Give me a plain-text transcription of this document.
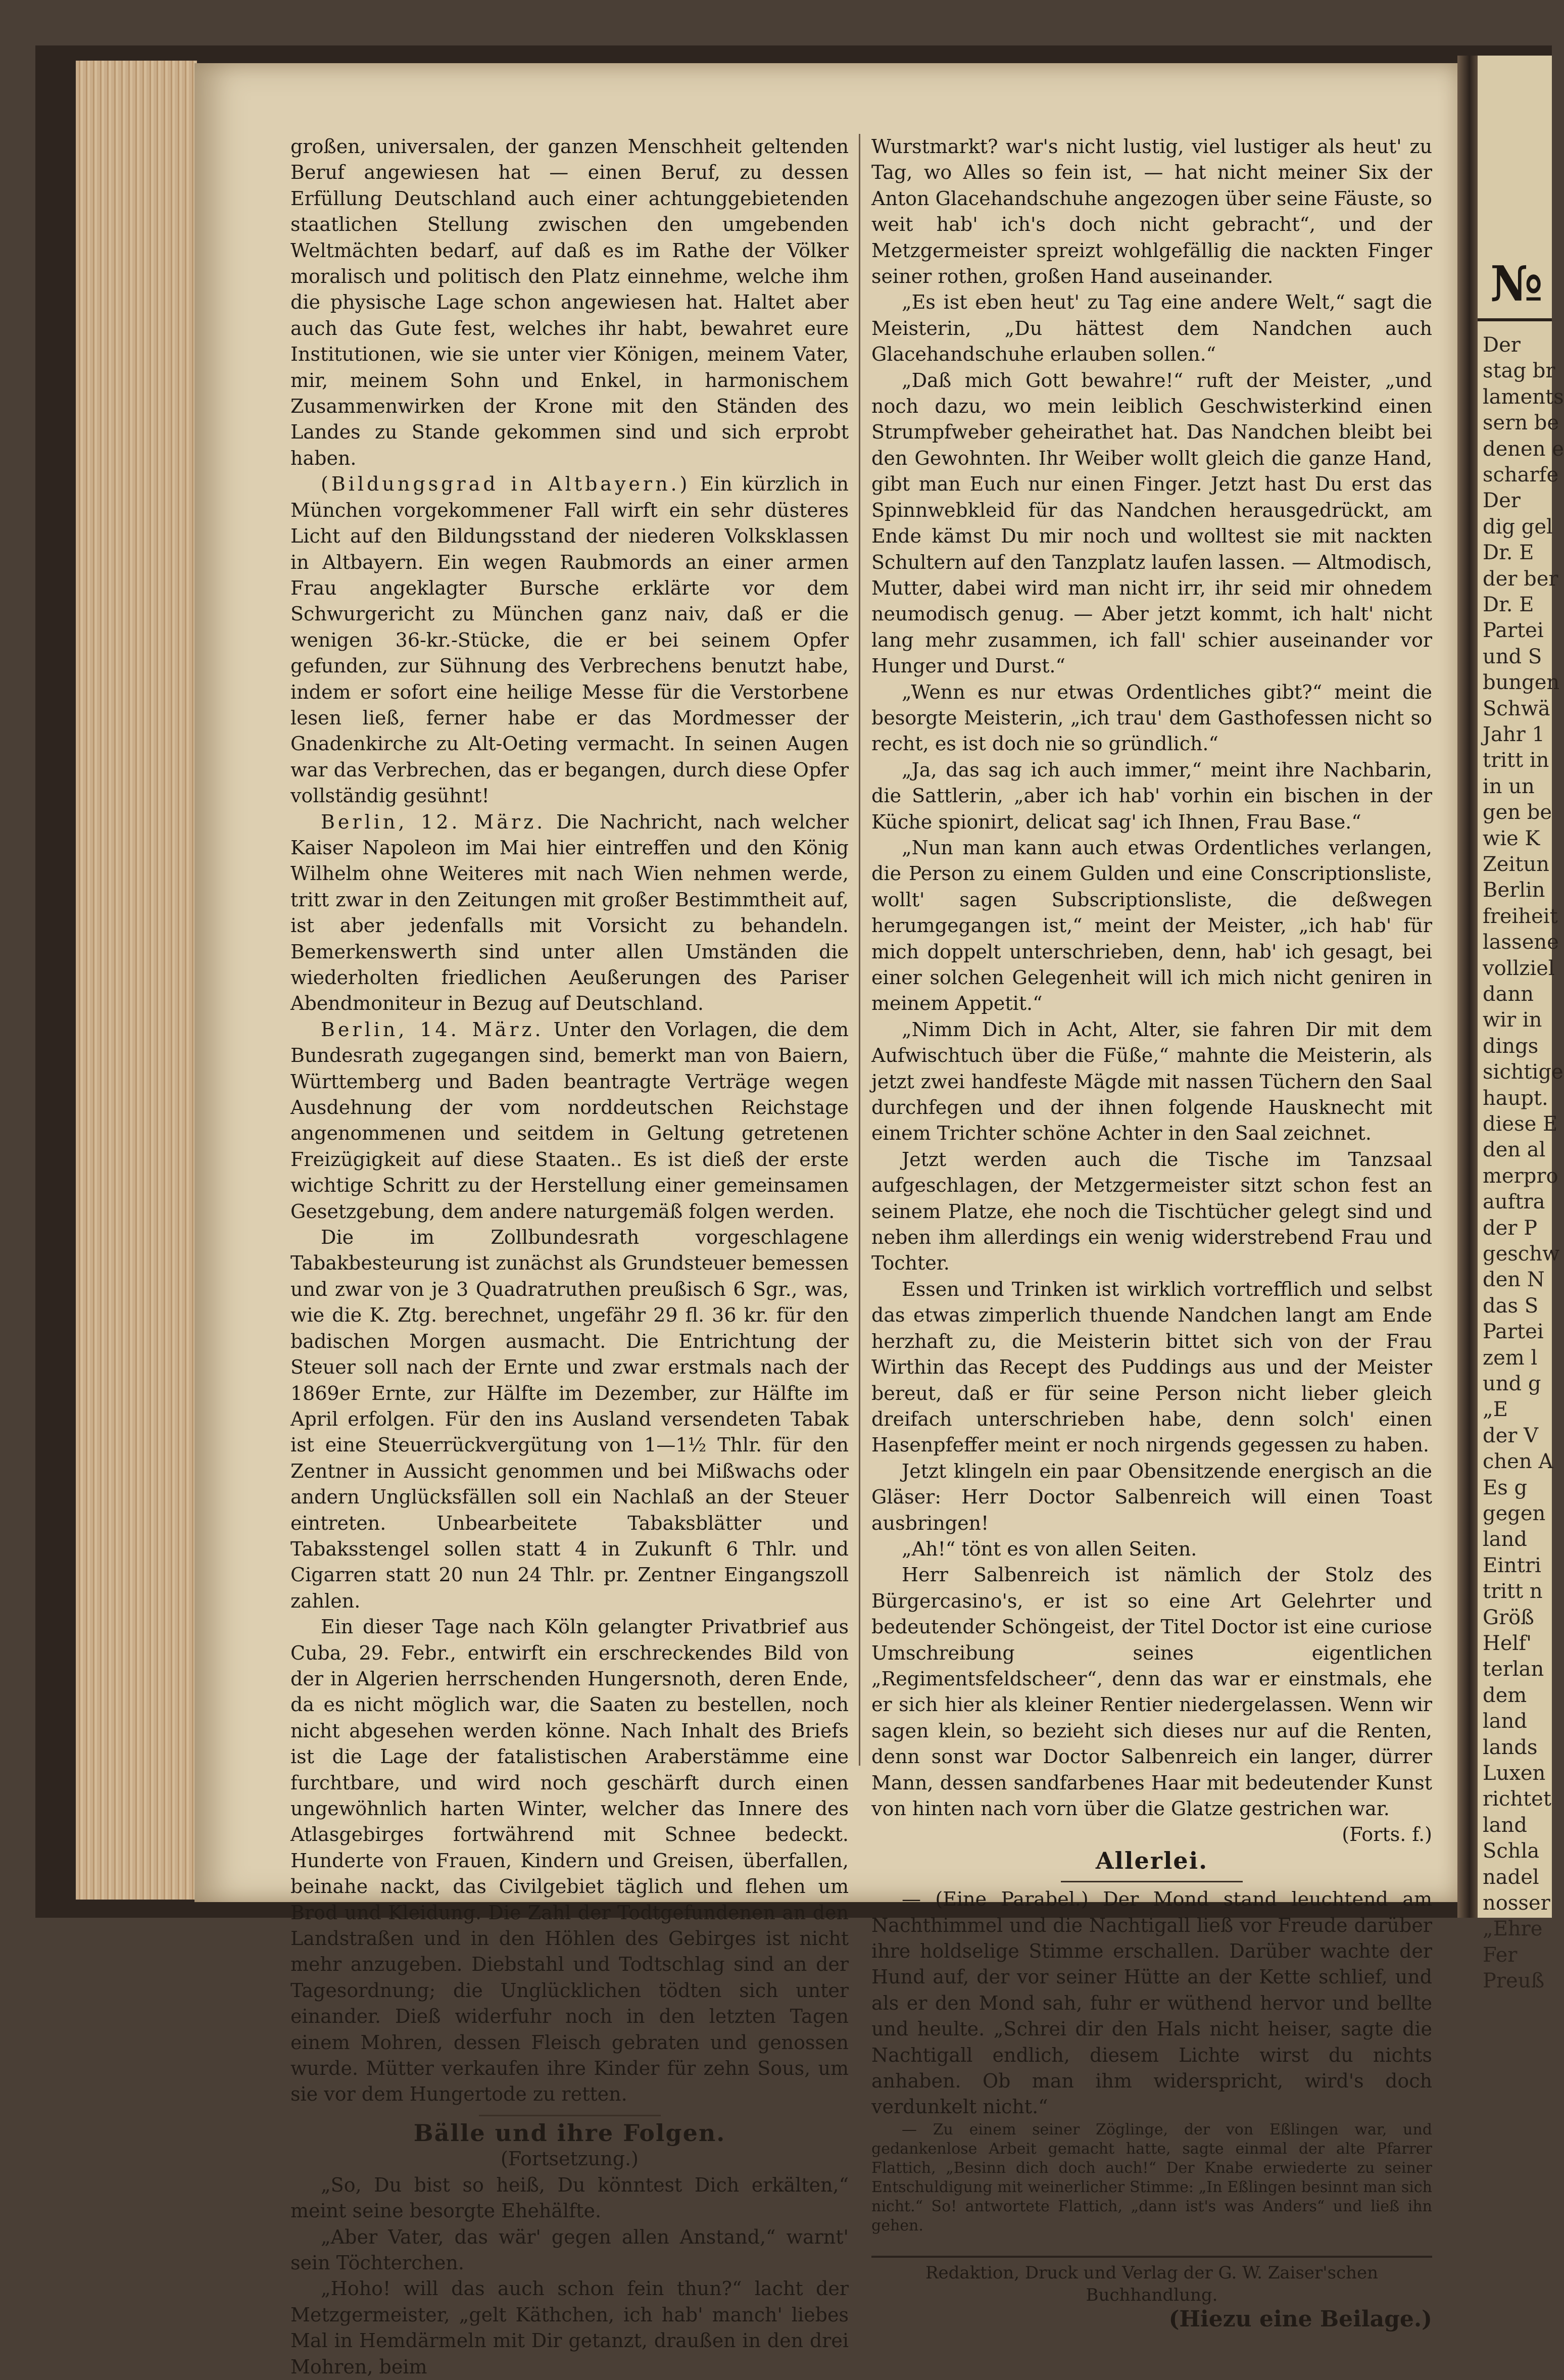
großen, universalen, der ganzen Menschheit geltenden Beruf angewiesen hat — einen Beruf, zu dessen Erfüllung Deutschland auch einer achtunggebietenden staatlichen Stellung zwischen den umgebenden Weltmächten bedarf, auf daß es im Rathe der Völker moralisch und politisch den Platz einnehme, welche ihm die physische Lage schon angewiesen hat. Haltet aber auch das Gute fest, welches ihr habt, bewahret eure Institutionen, wie sie unter vier Königen, meinem Vater, mir, meinem Sohn und Enkel, in harmonischem Zusammenwirken der Krone mit den Ständen des Landes zu Stande gekommen sind und sich erprobt haben.

(Bildungsgrad in Altbayern.) Ein kürzlich in München vorgekommener Fall wirft ein sehr düsteres Licht auf den Bildungsstand der niederen Volksklassen in Altbayern. Ein wegen Raubmords an einer armen Frau angeklagter Bursche erklärte vor dem Schwurgericht zu München ganz naiv, daß er die wenigen 36-kr.-Stücke, die er bei seinem Opfer gefunden, zur Sühnung des Verbrechens benutzt habe, indem er sofort eine heilige Messe für die Verstorbene lesen ließ, ferner habe er das Mordmesser der Gnadenkirche zu Alt-Oeting vermacht. In seinen Augen war das Verbrechen, das er begangen, durch diese Opfer vollständig gesühnt!

Berlin, 12. März. Die Nachricht, nach welcher Kaiser Napoleon im Mai hier eintreffen und den König Wilhelm ohne Weiteres mit nach Wien nehmen werde, tritt zwar in den Zeitungen mit großer Bestimmtheit auf, ist aber jedenfalls mit Vorsicht zu behandeln. Bemerkenswerth sind unter allen Umständen die wiederholten friedlichen Aeußerungen des Pariser Abendmoniteur in Bezug auf Deutschland.

Berlin, 14. März. Unter den Vorlagen, die dem Bundesrath zugegangen sind, bemerkt man von Baiern, Württemberg und Baden beantragte Verträge wegen Ausdehnung der vom norddeutschen Reichstage angenommenen und seitdem in Geltung getretenen Freizügigkeit auf diese Staaten.. Es ist dieß der erste wichtige Schritt zu der Herstellung einer gemeinsamen Gesetzgebung, dem andere naturgemäß folgen werden.

Die im Zollbundesrath vorgeschlagene Tabakbesteurung ist zunächst als Grundsteuer bemessen und zwar von je 3 Quadratruthen preußisch 6 Sgr., was, wie die K. Ztg. berechnet, ungefähr 29 fl. 36 kr. für den badischen Morgen ausmacht. Die Entrichtung der Steuer soll nach der Ernte und zwar erstmals nach der 1869er Ernte, zur Hälfte im Dezember, zur Hälfte im April erfolgen. Für den ins Ausland versendeten Tabak ist eine Steuerrückvergütung von 1—1½ Thlr. für den Zentner in Aussicht genommen und bei Mißwachs oder andern Unglücksfällen soll ein Nachlaß an der Steuer eintreten. Unbearbeitete Tabaksblätter und Tabaksstengel sollen statt 4 in Zukunft 6 Thlr. und Cigarren statt 20 nun 24 Thlr. pr. Zentner Eingangszoll zahlen.

Ein dieser Tage nach Köln gelangter Privatbrief aus Cuba, 29. Febr., entwirft ein erschreckendes Bild von der in Algerien herrschenden Hungersnoth, deren Ende, da es nicht möglich war, die Saaten zu bestellen, noch nicht abgesehen werden könne. Nach Inhalt des Briefs ist die Lage der fatalistischen Araberstämme eine furchtbare, und wird noch geschärft durch einen ungewöhnlich harten Winter, welcher das Innere des Atlasgebirges fortwährend mit Schnee bedeckt. Hunderte von Frauen, Kindern und Greisen, überfallen, beinahe nackt, das Civilgebiet täglich und flehen um Brod und Kleidung. Die Zahl der Todtgefundenen an den Landstraßen und in den Höhlen des Gebirges ist nicht mehr anzugeben. Diebstahl und Todtschlag sind an der Tagesordnung; die Unglücklichen tödten sich unter einander. Dieß widerfuhr noch in den letzten Tagen einem Mohren, dessen Fleisch gebraten und genossen wurde. Mütter verkaufen ihre Kinder für zehn Sous, um sie vor dem Hungertode zu retten.

Bälle und ihre Folgen.

(Fortsetzung.)

„So, Du bist so heiß, Du könntest Dich erkälten,“ meint seine besorgte Ehehälfte.

„Aber Vater, das wär' gegen allen Anstand,“ warnt' sein Töchterchen.

„Hoho! will das auch schon fein thun?“ lacht der Metzgermeister, „gelt Käthchen, ich hab' manch' liebes Mal in Hemdärmeln mit Dir getanzt, draußen in den drei Mohren, beim

Wurstmarkt? war's nicht lustig, viel lustiger als heut' zu Tag, wo Alles so fein ist, — hat nicht meiner Six der Anton Glacehandschuhe angezogen über seine Fäuste, so weit hab' ich's doch nicht gebracht“, und der Metzgermeister spreizt wohlgefällig die nackten Finger seiner rothen, großen Hand auseinander.

„Es ist eben heut' zu Tag eine andere Welt,“ sagt die Meisterin, „Du hättest dem Nandchen auch Glacehandschuhe erlauben sollen.“

„Daß mich Gott bewahre!“ ruft der Meister, „und noch dazu, wo mein leiblich Geschwisterkind einen Strumpfweber geheirathet hat. Das Nandchen bleibt bei den Gewohnten. Ihr Weiber wollt gleich die ganze Hand, gibt man Euch nur einen Finger. Jetzt hast Du erst das Spinnwebkleid für das Nandchen herausgedrückt, am Ende kämst Du mir noch und wolltest sie mit nackten Schultern auf den Tanzplatz laufen lassen. — Altmodisch, Mutter, dabei wird man nicht irr, ihr seid mir ohnedem neumodisch genug. — Aber jetzt kommt, ich halt' nicht lang mehr zusammen, ich fall' schier auseinander vor Hunger und Durst.“

„Wenn es nur etwas Ordentliches gibt?“ meint die besorgte Meisterin, „ich trau' dem Gasthofessen nicht so recht, es ist doch nie so gründlich.“

„Ja, das sag ich auch immer,“ meint ihre Nachbarin, die Sattlerin, „aber ich hab' vorhin ein bischen in der Küche spionirt, delicat sag' ich Ihnen, Frau Base.“

„Nun man kann auch etwas Ordentliches verlangen, die Person zu einem Gulden und eine Conscriptionsliste, wollt' sagen Subscriptionsliste, die deßwegen herumgegangen ist,“ meint der Meister, „ich hab' für mich doppelt unterschrieben, denn, hab' ich gesagt, bei einer solchen Gelegenheit will ich mich nicht geniren in meinem Appetit.“

„Nimm Dich in Acht, Alter, sie fahren Dir mit dem Aufwischtuch über die Füße,“ mahnte die Meisterin, als jetzt zwei handfeste Mägde mit nassen Tüchern den Saal durchfegen und der ihnen folgende Hausknecht mit einem Trichter schöne Achter in den Saal zeichnet.

Jetzt werden auch die Tische im Tanzsaal aufgeschlagen, der Metzgermeister sitzt schon fest an seinem Platze, ehe noch die Tischtücher gelegt sind und neben ihm allerdings ein wenig widerstrebend Frau und Tochter.

Essen und Trinken ist wirklich vortrefflich und selbst das etwas zimperlich thuende Nandchen langt am Ende herzhaft zu, die Meisterin bittet sich von der Frau Wirthin das Recept des Puddings aus und der Meister bereut, daß er für seine Person nicht lieber gleich dreifach unterschrieben habe, denn solch' einen Hasenpfeffer meint er noch nirgends gegessen zu haben.

Jetzt klingeln ein paar Obensitzende energisch an die Gläser: Herr Doctor Salbenreich will einen Toast ausbringen!

„Ah!“ tönt es von allen Seiten.

Herr Salbenreich ist nämlich der Stolz des Bürgercasino's, er ist so eine Art Gelehrter und bedeutender Schöngeist, der Titel Doctor ist eine curiose Umschreibung seines eigentlichen „Regimentsfeldscheer“, denn das war er einstmals, ehe er sich hier als kleiner Rentier niedergelassen. Wenn wir sagen klein, so bezieht sich dieses nur auf die Renten, denn sonst war Doctor Salbenreich ein langer, dürrer Mann, dessen sandfarbenes Haar mit bedeutender Kunst von hinten nach vorn über die Glatze gestrichen war.

(Forts. f.)

Allerlei.

— (Eine Parabel.) Der Mond stand leuchtend am Nachthimmel und die Nachtigall ließ vor Freude darüber ihre holdselige Stimme erschallen. Darüber wachte der Hund auf, der vor seiner Hütte an der Kette schlief, und als er den Mond sah, fuhr er wüthend hervor und bellte und heulte. „Schrei dir den Hals nicht heiser, sagte die Nachtigall endlich, diesem Lichte wirst du nichts anhaben. Ob man ihm widerspricht, wird's doch verdunkelt nicht.“

— Zu einem seiner Zöglinge, der von Eßlingen war, und gedankenlose Arbeit gemacht hatte, sagte einmal der alte Pfarrer Flattich, „Besinn dich doch auch!“ Der Knabe erwiederte zu seiner Entschuldigung mit weinerlicher Stimme: „In Eßlingen besinnt man sich nicht.“ So! antwortete Flattich, „dann ist's was Anders“ und ließ ihn gehen.

Redaktion, Druck und Verlag der G. W. Zaiser'schen Buchhandlung.

(Hiezu eine Beilage.)

№
Der
stag br
laments
sern be
denen e
scharfe
Der
dig gel
Dr. E
der ber
Dr. E
Partei
und S
bungen
Schwä
Jahr 1
tritt in
in un
gen be
wie K
Zeitun
Berlin
freiheit
lassene
vollziel
dann
wir in
dings
sichtige
haupt.
diese E
den al
merpro
auftra
der P
geschw
den N
das S
Partei
zem l
und g
„E
der V
chen A
Es g
gegen
land
Eintri
tritt n
Größ
Helf'
terlan
dem
land
lands
Luxen
richtet
land
Schla
nadel
nosser
„Ehre
Fer
Preuß
